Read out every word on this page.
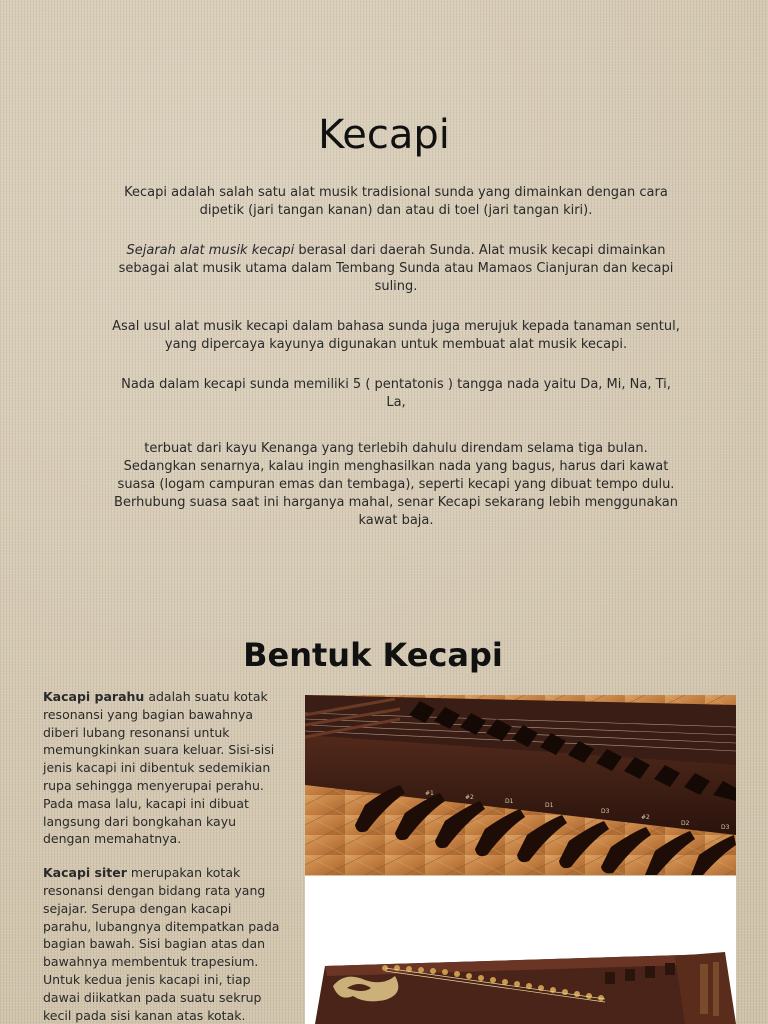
Kecapi

Kecapi adalah salah satu alat musik tradisional sunda yang dimainkan dengan cara dipetik (jari tangan kanan) dan atau di toel (jari tangan kiri).

Sejarah alat musik kecapi berasal dari daerah Sunda. Alat musik kecapi dimainkan sebagai alat musik utama dalam Tembang Sunda atau Mamaos Cianjuran dan kecapi suling.

Asal usul alat musik kecapi dalam bahasa sunda juga merujuk kepada tanaman sentul, yang dipercaya kayunya digunakan untuk membuat alat musik kecapi.

Nada dalam kecapi sunda memiliki 5 ( pentatonis ) tangga nada yaitu Da, Mi, Na, Ti, La,

terbuat dari kayu Kenanga yang terlebih dahulu direndam selama tiga bulan. Sedangkan senarnya, kalau ingin menghasilkan nada yang bagus, harus dari kawat suasa (logam campuran emas dan tembaga), seperti kecapi yang dibuat tempo dulu. Berhubung suasa saat ini harganya mahal, senar Kecapi sekarang lebih menggunakan kawat baja.

Bentuk Kecapi

Kacapi parahu adalah suatu kotak resonansi yang bagian bawahnya diberi lubang resonansi untuk memungkinkan suara keluar. Sisi-sisi jenis kacapi ini dibentuk sedemikian rupa sehingga menyerupai perahu. Pada masa lalu, kacapi ini dibuat langsung dari bongkahan kayu dengan memahatnya.

Kacapi siter merupakan kotak resonansi dengan bidang rata yang sejajar. Serupa dengan kacapi parahu, lubangnya ditempatkan pada bagian bawah. Sisi bagian atas dan bawahnya membentuk trapesium.
Untuk kedua jenis kacapi ini, tiap dawai diikatkan pada suatu sekrup kecil pada sisi kanan atas kotak.

#1
#2
D1
D1
D3
#2
D2
D3
